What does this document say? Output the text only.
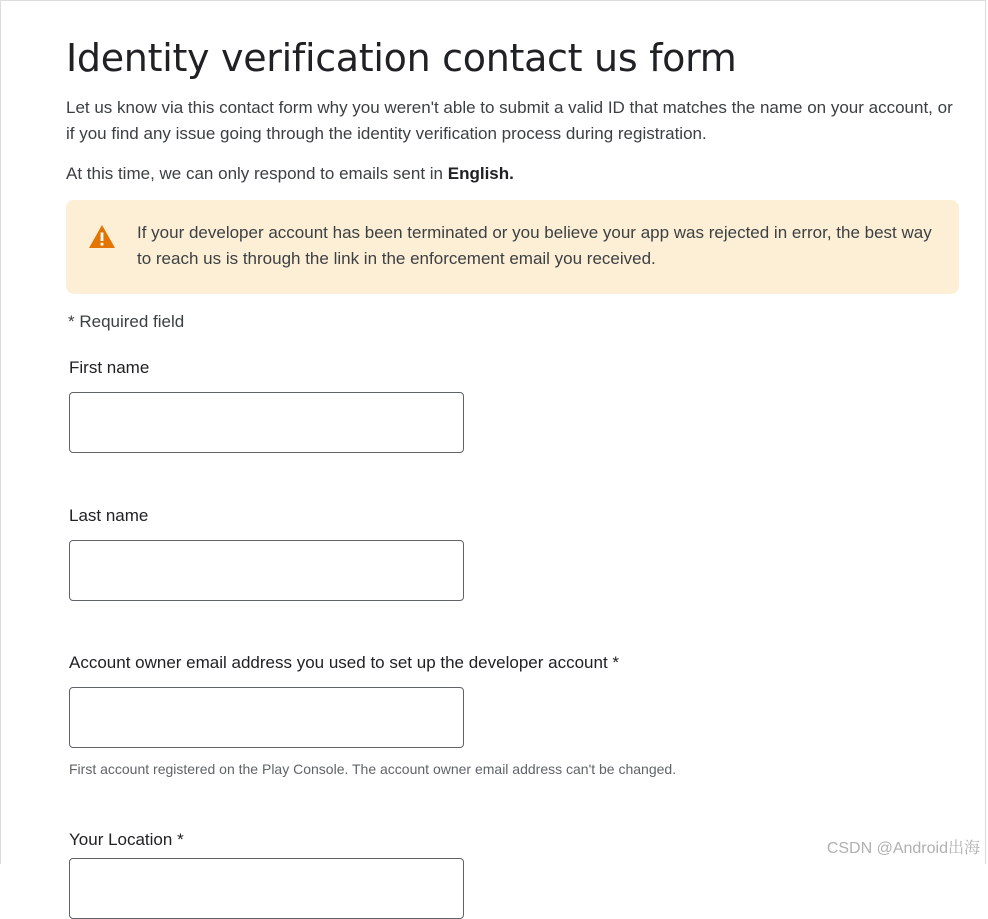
Identity verification contact us form

Let us know via this contact form why you weren't able to submit a valid ID that matches the name on your account, or if you find any issue going through the identity verification process during registration.

At this time, we can only respond to emails sent in English.

If your developer account has been terminated or you believe your app was rejected in error, the best way to reach us is through the link in the enforcement email you received.
* Required field
First name
Last name
Account owner email address you used to set up the developer account *
First account registered on the Play Console. The account owner email address can't be changed.
Your Location *
CSDN @Android出海
